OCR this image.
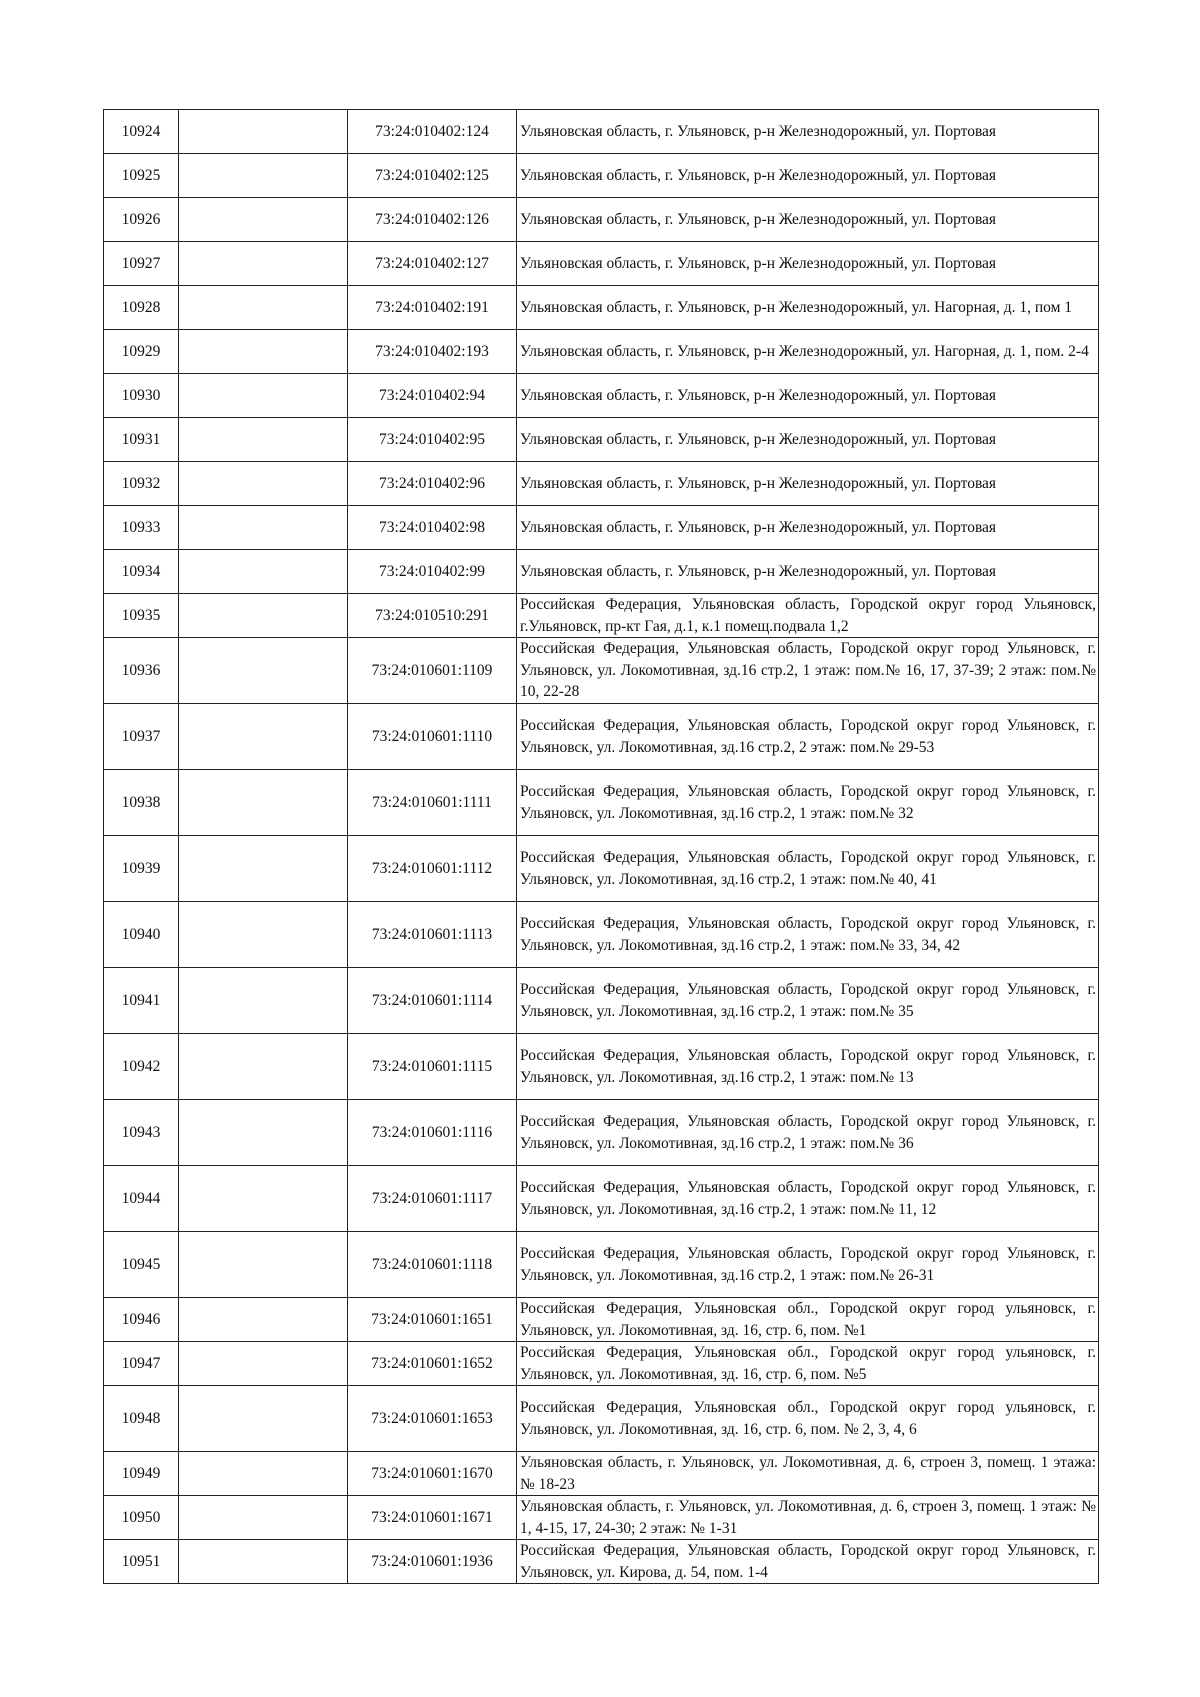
10924		73:24:010402:124	Ульяновская область, г. Ульяновск, р-н Железнодорожный, ул. Портовая
10925		73:24:010402:125	Ульяновская область, г. Ульяновск, р-н Железнодорожный, ул. Портовая
10926		73:24:010402:126	Ульяновская область, г. Ульяновск, р-н Железнодорожный, ул. Портовая
10927		73:24:010402:127	Ульяновская область, г. Ульяновск, р-н Железнодорожный, ул. Портовая
10928		73:24:010402:191	Ульяновская область, г. Ульяновск, р-н Железнодорожный, ул. Нагорная, д. 1, пом 1
10929		73:24:010402:193	Ульяновская область, г. Ульяновск, р-н Железнодорожный, ул. Нагорная, д. 1, пом. 2-4
10930		73:24:010402:94	Ульяновская область, г. Ульяновск, р-н Железнодорожный, ул. Портовая
10931		73:24:010402:95	Ульяновская область, г. Ульяновск, р-н Железнодорожный, ул. Портовая
10932		73:24:010402:96	Ульяновская область, г. Ульяновск, р-н Железнодорожный, ул. Портовая
10933		73:24:010402:98	Ульяновская область, г. Ульяновск, р-н Железнодорожный, ул. Портовая
10934		73:24:010402:99	Ульяновская область, г. Ульяновск, р-н Железнодорожный, ул. Портовая
10935		73:24:010510:291	Российская Федерация, Ульяновская область, Городской округ город Ульяновск, г.Ульяновск, пр-кт Гая, д.1, к.1 помещ.подвала 1,2
10936		73:24:010601:1109	Российская Федерация, Ульяновская область, Городской округ город Ульяновск, г. Ульяновск, ул. Локомотивная, зд.16 стр.2, 1 этаж: пом.№ 16, 17, 37-39; 2 этаж: пом.№ 10, 22-28
10937		73:24:010601:1110	Российская Федерация, Ульяновская область, Городской округ город Ульяновск, г. Ульяновск, ул. Локомотивная, зд.16 стр.2, 2 этаж: пом.№ 29-53
10938		73:24:010601:1111	Российская Федерация, Ульяновская область, Городской округ город Ульяновск, г. Ульяновск, ул. Локомотивная, зд.16 стр.2, 1 этаж: пом.№ 32
10939		73:24:010601:1112	Российская Федерация, Ульяновская область, Городской округ город Ульяновск, г. Ульяновск, ул. Локомотивная, зд.16 стр.2, 1 этаж: пом.№ 40, 41
10940		73:24:010601:1113	Российская Федерация, Ульяновская область, Городской округ город Ульяновск, г. Ульяновск, ул. Локомотивная, зд.16 стр.2, 1 этаж: пом.№ 33, 34, 42
10941		73:24:010601:1114	Российская Федерация, Ульяновская область, Городской округ город Ульяновск, г. Ульяновск, ул. Локомотивная, зд.16 стр.2, 1 этаж: пом.№ 35
10942		73:24:010601:1115	Российская Федерация, Ульяновская область, Городской округ город Ульяновск, г. Ульяновск, ул. Локомотивная, зд.16 стр.2, 1 этаж: пом.№ 13
10943		73:24:010601:1116	Российская Федерация, Ульяновская область, Городской округ город Ульяновск, г. Ульяновск, ул. Локомотивная, зд.16 стр.2, 1 этаж: пом.№ 36
10944		73:24:010601:1117	Российская Федерация, Ульяновская область, Городской округ город Ульяновск, г. Ульяновск, ул. Локомотивная, зд.16 стр.2, 1 этаж: пом.№ 11, 12
10945		73:24:010601:1118	Российская Федерация, Ульяновская область, Городской округ город Ульяновск, г. Ульяновск, ул. Локомотивная, зд.16 стр.2, 1 этаж: пом.№ 26-31
10946		73:24:010601:1651	Российская Федерация, Ульяновская обл., Городской округ город ульяновск, г. Ульяновск, ул. Локомотивная, зд. 16, стр. 6, пом. №1
10947		73:24:010601:1652	Российская Федерация, Ульяновская обл., Городской округ город ульяновск, г. Ульяновск, ул. Локомотивная, зд. 16, стр. 6, пом. №5
10948		73:24:010601:1653	Российская Федерация, Ульяновская обл., Городской округ город ульяновск, г. Ульяновск, ул. Локомотивная, зд. 16, стр. 6, пом. № 2, 3, 4, 6
10949		73:24:010601:1670	Ульяновская область, г. Ульяновск, ул. Локомотивная, д. 6, строен 3, помещ. 1 этажа: № 18-23
10950		73:24:010601:1671	Ульяновская область, г. Ульяновск, ул. Локомотивная, д. 6, строен 3, помещ. 1 этаж: № 1, 4-15, 17, 24-30; 2 этаж: № 1-31
10951		73:24:010601:1936	Российская Федерация, Ульяновская область, Городской округ город Ульяновск, г. Ульяновск, ул. Кирова, д. 54, пом. 1-4
